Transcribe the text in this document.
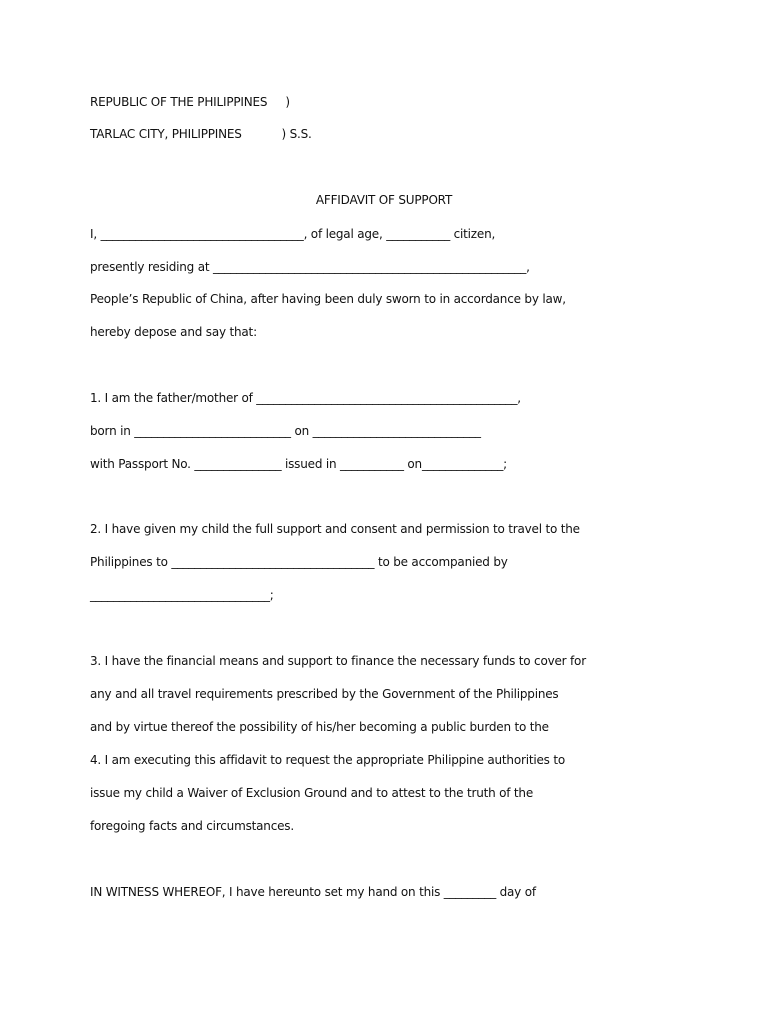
REPUBLIC OF THE PHILIPPINES     )
TARLAC CITY, PHILIPPINES           ) S.S.
AFFIDAVIT OF SUPPORT
I, ___________________________________, of legal age, ___________ citizen,
presently residing at ______________________________________________________,
People’s Republic of China, after having been duly sworn to in accordance by law,
hereby depose and say that:
1. I am the father/mother of _____________________________________________,
born in ___________________________ on _____________________________
with Passport No. _______________ issued in ___________ on______________;
2. I have given my child the full support and consent and permission to travel to the
Philippines to ___________________________________ to be accompanied by
_______________________________;
3. I have the financial means and support to finance the necessary funds to cover for
any and all travel requirements prescribed by the Government of the Philippines
and by virtue thereof the possibility of his/her becoming a public burden to the
4. I am executing this affidavit to request the appropriate Philippine authorities to
issue my child a Waiver of Exclusion Ground and to attest to the truth of the
foregoing facts and circumstances.
IN WITNESS WHEREOF, I have hereunto set my hand on this _________ day of
